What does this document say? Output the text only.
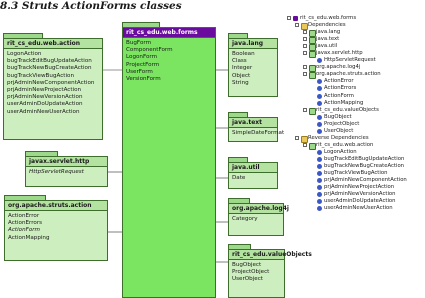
8.3 Struts ActionForms classes
rit_cs_edu.web.action
LogonAction
bugTrackEditBugUpdateAction
bugTrackNewBugCreateAction
bugTrackViewBugAction
prjAdminNewComponentAction
prjAdminNewProjectAction
prjAdminNewVersionAction
userAdminDoUpdateAction
userAdminNewUserAction
rit_cs_edu.web.forms
BugForm
ComponentForm
LogonForm
ProjectForm
UserForm
VersionForm
java.lang
Boolean
Class
Integer
Object
String
java.text
SimpleDateFormat
java.util
Date
org.apache.log4j
Category
rit_cs_edu.valueObjects
BugObject
ProjectObject
UserObject
javax.servlet.http
HttpServletRequest
org.apache.struts.action
ActionError
ActionErrors
ActionForm
ActionMapping
rit_cs_edu.web.forms
Dependencies
java.lang
java.text
java.util
javax.servlet.http
HttpServletRequest
org.apache.log4j
org.apache.struts.action
ActionError
ActionErrors
ActionForm
ActionMapping
rit_cs_edu.valueObjects
BugObject
ProjectObject
UserObject
Reverse Dependencies
rit_cs_edu.web.action
LogonAction
bugTrackEditBugUpdateAction
bugTrackNewBugCreateAction
bugTrackViewBugAction
prjAdminNewComponentAction
prjAdminNewProjectAction
prjAdminNewVersionAction
userAdminDoUpdateAction
userAdminNewUserAction
